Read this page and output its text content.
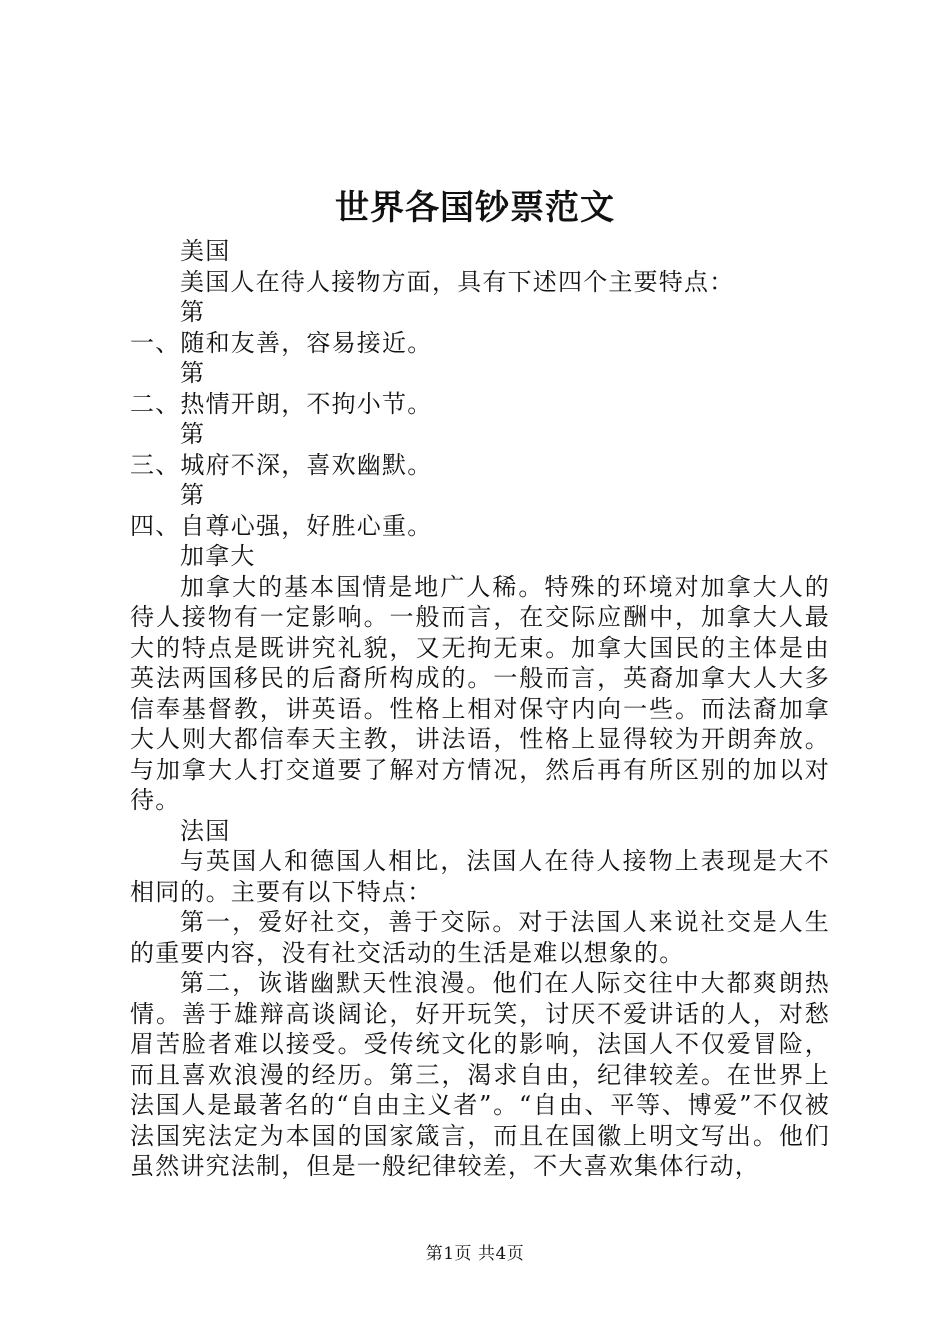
世界各国钞票范文

美国

美国人在待人接物方面，具有下述四个主要特点：

第

一、随和友善，容易接近。

第

二、热情开朗，不拘小节。

第

三、城府不深，喜欢幽默。

第

四、自尊心强，好胜心重。

加拿大

加拿大的基本国情是地广人稀。特殊的环境对加拿大人的待人接物有一定影响。一般而言，在交际应酬中，加拿大人最大的特点是既讲究礼貌，又无拘无束。加拿大国民的主体是由英法两国移民的后裔所构成的。一般而言，英裔加拿大人大多信奉基督教，讲英语。性格上相对保守内向一些。而法裔加拿大人则大都信奉天主教，讲法语，性格上显得较为开朗奔放。与加拿大人打交道要了解对方情况，然后再有所区别的加以对待。

法国

与英国人和德国人相比，法国人在待人接物上表现是大不相同的。主要有以下特点：

第一，爱好社交，善于交际。对于法国人来说社交是人生的重要内容，没有社交活动的生活是难以想象的。

第二，诙谐幽默天性浪漫。他们在人际交往中大都爽朗热情。善于雄辩高谈阔论，好开玩笑，讨厌不爱讲话的人，对愁眉苦脸者难以接受。受传统文化的影响，法国人不仅爱冒险，而且喜欢浪漫的经历。第三，渴求自由，纪律较差。在世界上法国人是最著名的“自由主义者”。“自由、平等、博爱”不仅被法国宪法定为本国的国家箴言，而且在国徽上明文写出。他们虽然讲究法制，但是一般纪律较差，不大喜欢集体行动，

第1页 共4页
